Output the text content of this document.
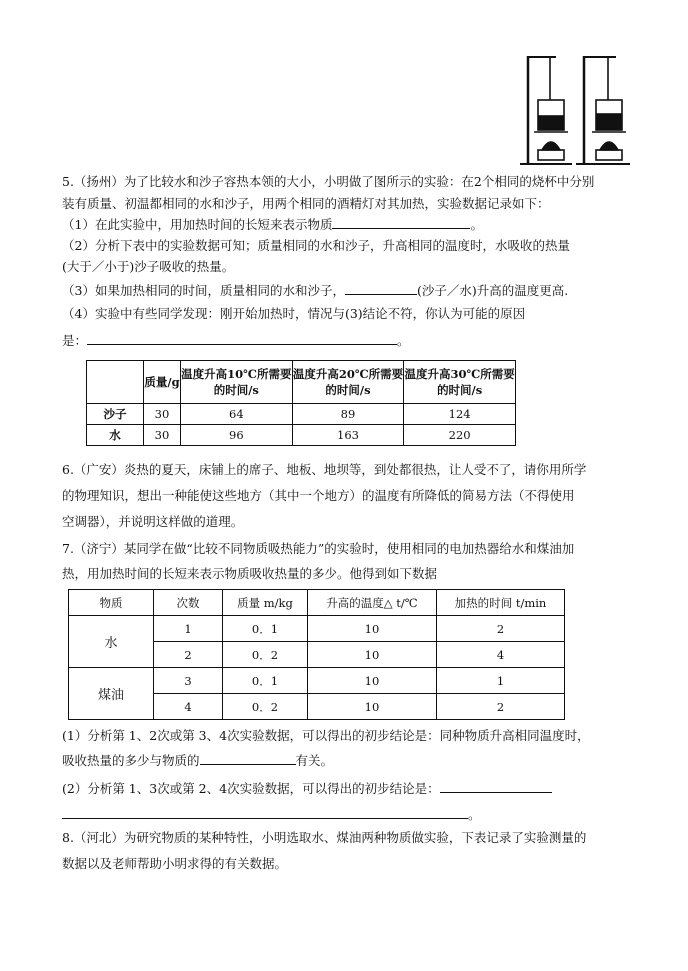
5.（扬州）为了比较水和沙子容热本领的大小，小明做了图所示的实验：在2个相同的烧杯中分别
装有质量、初温都相同的水和沙子，用两个相同的酒精灯对其加热，实验数据记录如下：
（1）在此实验中，用加热时间的长短来表示物质	。
（2）分析下表中的实验数据可知；质量相同的水和沙子，升高相同的温度时，水吸收的热量
(大于／小于)沙子吸收的热量。
（3）如果加热相同的时间，质量相同的水和沙子，	(沙子／水)升高的温度更高.
（4）实验中有些同学发现：刚开始加热时，情况与(3)结论不符，你认为可能的原因
是：	。
	质量/g	温度升高10℃所需要的时间/s	温度升高20℃所需要的时间/s	温度升高30℃所需要的时间/s
沙子	30	64	89	124
水	30	96	163	220
6.（广安）炎热的夏天，床铺上的席子、地板、地坝等，到处都很热，让人受不了，请你用所学
的物理知识，想出一种能使这些地方（其中一个地方）的温度有所降低的简易方法（不得使用
空调器），并说明这样做的道理。
7.（济宁）某同学在做“比较不同物质吸热能力”的实验时，使用相同的电加热器给水和煤油加
热，用加热时间的长短来表示物质吸收热量的多少。他得到如下数据
物质	次数	质量 m/kg	升高的温度△ t/℃	加热的时间 t/min
水	1	0．1	10	2
	2	0．2	10	4
煤油	3	0．1	10	1
	4	0．2	10	2
(1）分析第 1、2次或第 3、4次实验数据，可以得出的初步结论是：同种物质升高相同温度时，
吸收热量的多少与物质的	有关。
(2）分析第 1、3次或第 2、4次实验数据，可以得出的初步结论是：
。
8.（河北）为研究物质的某种特性，小明选取水、煤油两种物质做实验，下表记录了实验测量的
数据以及老师帮助小明求得的有关数据。
